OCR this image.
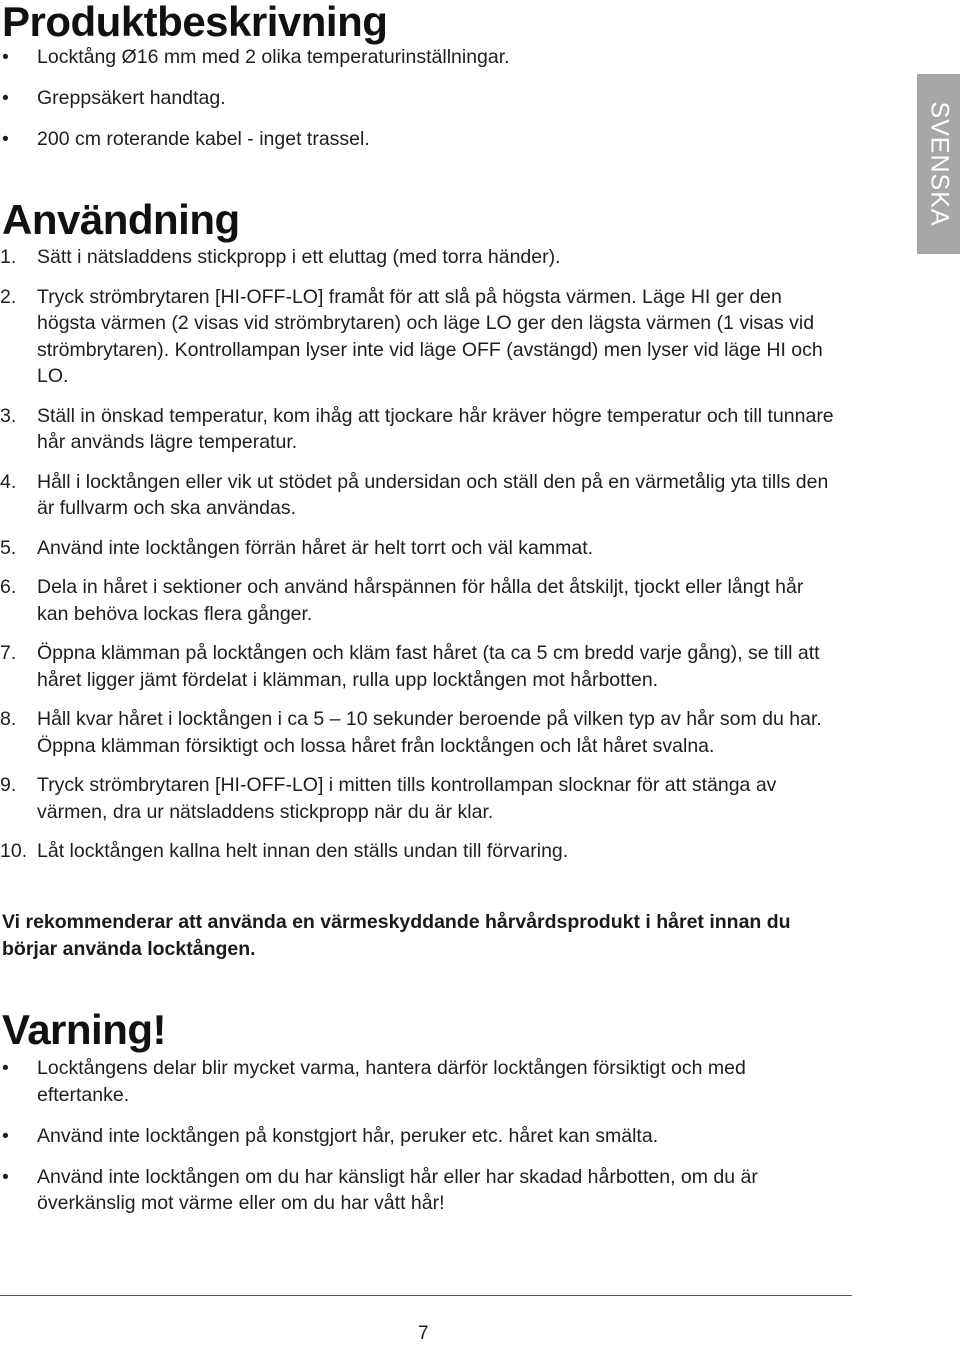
Produktbeskrivning
• Locktång Ø16 mm med 2 olika temperaturinställningar.
• Greppsäkert handtag.
• 200 cm roterande kabel - inget trassel.
Användning
1. Sätt i nätsladdens stickpropp i ett eluttag (med torra händer).
2. Tryck strömbrytaren [HI-OFF-LO] framåt för att slå på högsta värmen. Läge HI ger den högsta värmen (2 visas vid strömbrytaren) och läge LO ger den lägsta värmen (1 visas vid strömbrytaren). Kontrollampan lyser inte vid läge OFF (avstängd) men lyser vid läge HI och LO.
3. Ställ in önskad temperatur, kom ihåg att tjockare hår kräver högre temperatur och till tunnare hår används lägre temperatur.
4. Håll i locktången eller vik ut stödet på undersidan och ställ den på en värmetålig yta tills den är fullvarm och ska användas.
5. Använd inte locktången förrän håret är helt torrt och väl kammat.
6. Dela in håret i sektioner och använd hårspännen för hålla det åtskiljt, tjockt eller långt hår kan behöva lockas flera gånger.
7. Öppna klämman på locktången och kläm fast håret (ta ca 5 cm bredd varje gång), se till att håret ligger jämt fördelat i klämman, rulla upp locktången mot hårbotten.
8. Håll kvar håret i locktången i ca 5 – 10 sekunder beroende på vilken typ av hår som du har. Öppna klämman försiktigt och lossa håret från locktången och låt håret svalna.
9. Tryck strömbrytaren [HI-OFF-LO] i mitten tills kontrollampan slocknar för att stänga av värmen, dra ur nätsladdens stickpropp när du är klar.
10. Låt locktången kallna helt innan den ställs undan till förvaring.

Vi rekommenderar att använda en värmeskyddande hårvårdsprodukt i håret innan du börjar använda locktången.

Varning!
• Locktångens delar blir mycket varma, hantera därför locktången försiktigt och med eftertanke.
• Använd inte locktången på konstgjort hår, peruker etc. håret kan smälta.
• Använd inte locktången om du har känsligt hår eller har skadad hårbotten, om du är överkänslig mot värme eller om du har vått hår!
SVENSKA
7
